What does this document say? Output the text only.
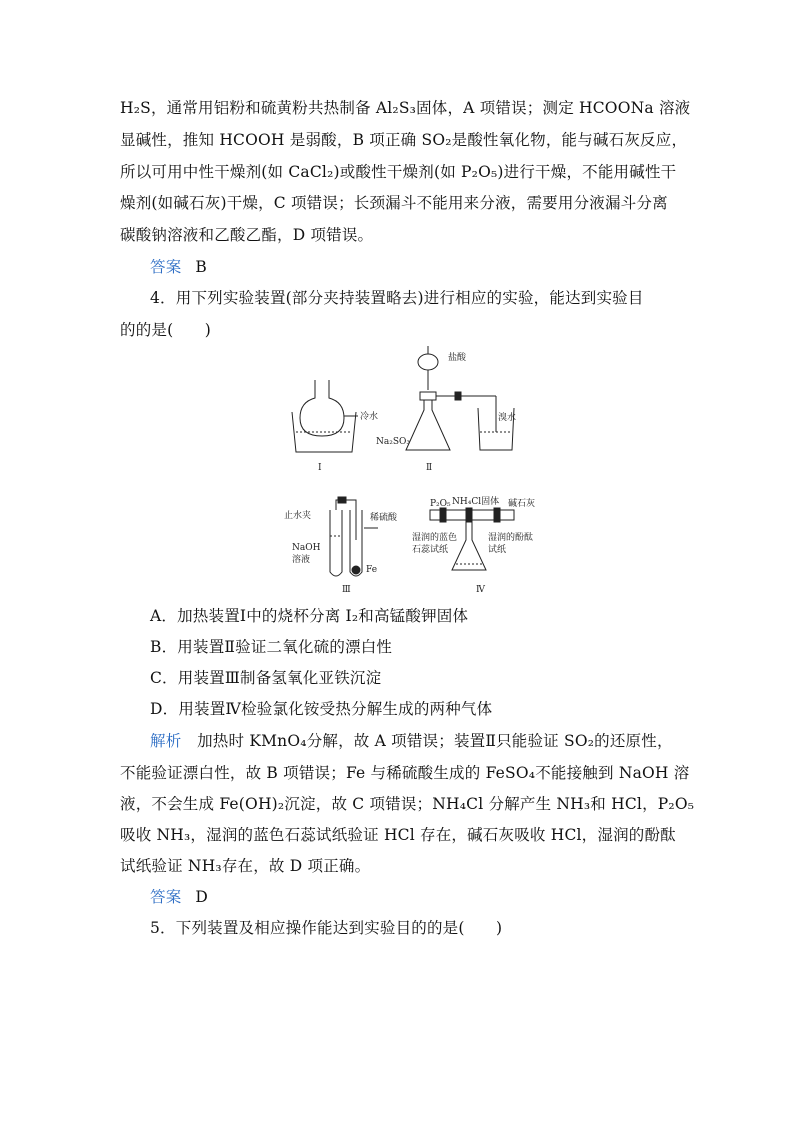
H₂S，通常用铝粉和硫黄粉共热制备 Al₂S₃固体，A 项错误；测定 HCOONa 溶液
显碱性，推知 HCOOH 是弱酸，B 项正确 SO₂是酸性氧化物，能与碱石灰反应，
所以可用中性干燥剂(如 CaCl₂)或酸性干燥剂(如 P₂O₅)进行干燥，不能用碱性干
燥剂(如碱石灰)干燥，C 项错误；长颈漏斗不能用来分液，需要用分液漏斗分离
碳酸钠溶液和乙酸乙酯，D 项错误。
答案 B
4．用下列实验装置(部分夹持装置略去)进行相应的实验，能达到实验目
的的是(　　)
冷水
Ⅰ
盐酸
Na₂SO₃
溴水
Ⅱ
止水夹	稀硫酸
NaOH
溶液
Fe
Ⅲ
NH₄Cl固体
P₂O₅	碱石灰
湿润的蓝色
石蕊试纸
湿润的酚酞
试纸
Ⅳ
A．加热装置Ⅰ中的烧杯分离 I₂和高锰酸钾固体
B．用装置Ⅱ验证二氧化硫的漂白性
C．用装置Ⅲ制备氢氧化亚铁沉淀
D．用装置Ⅳ检验氯化铵受热分解生成的两种气体
解析　 加热时 KMnO₄分解，故 A 项错误；装置Ⅱ只能验证 SO₂的还原性，
不能验证漂白性，故 B 项错误；Fe 与稀硫酸生成的 FeSO₄不能接触到 NaOH 溶
液，不会生成 Fe(OH)₂沉淀，故 C 项错误；NH₄Cl 分解产生 NH₃和 HCl，P₂O₅
吸收 NH₃，湿润的蓝色石蕊试纸验证 HCl 存在，碱石灰吸收 HCl，湿润的酚酞
试纸验证 NH₃存在，故 D 项正确。
答案 D
5．下列装置及相应操作能达到实验目的的是(　　)
